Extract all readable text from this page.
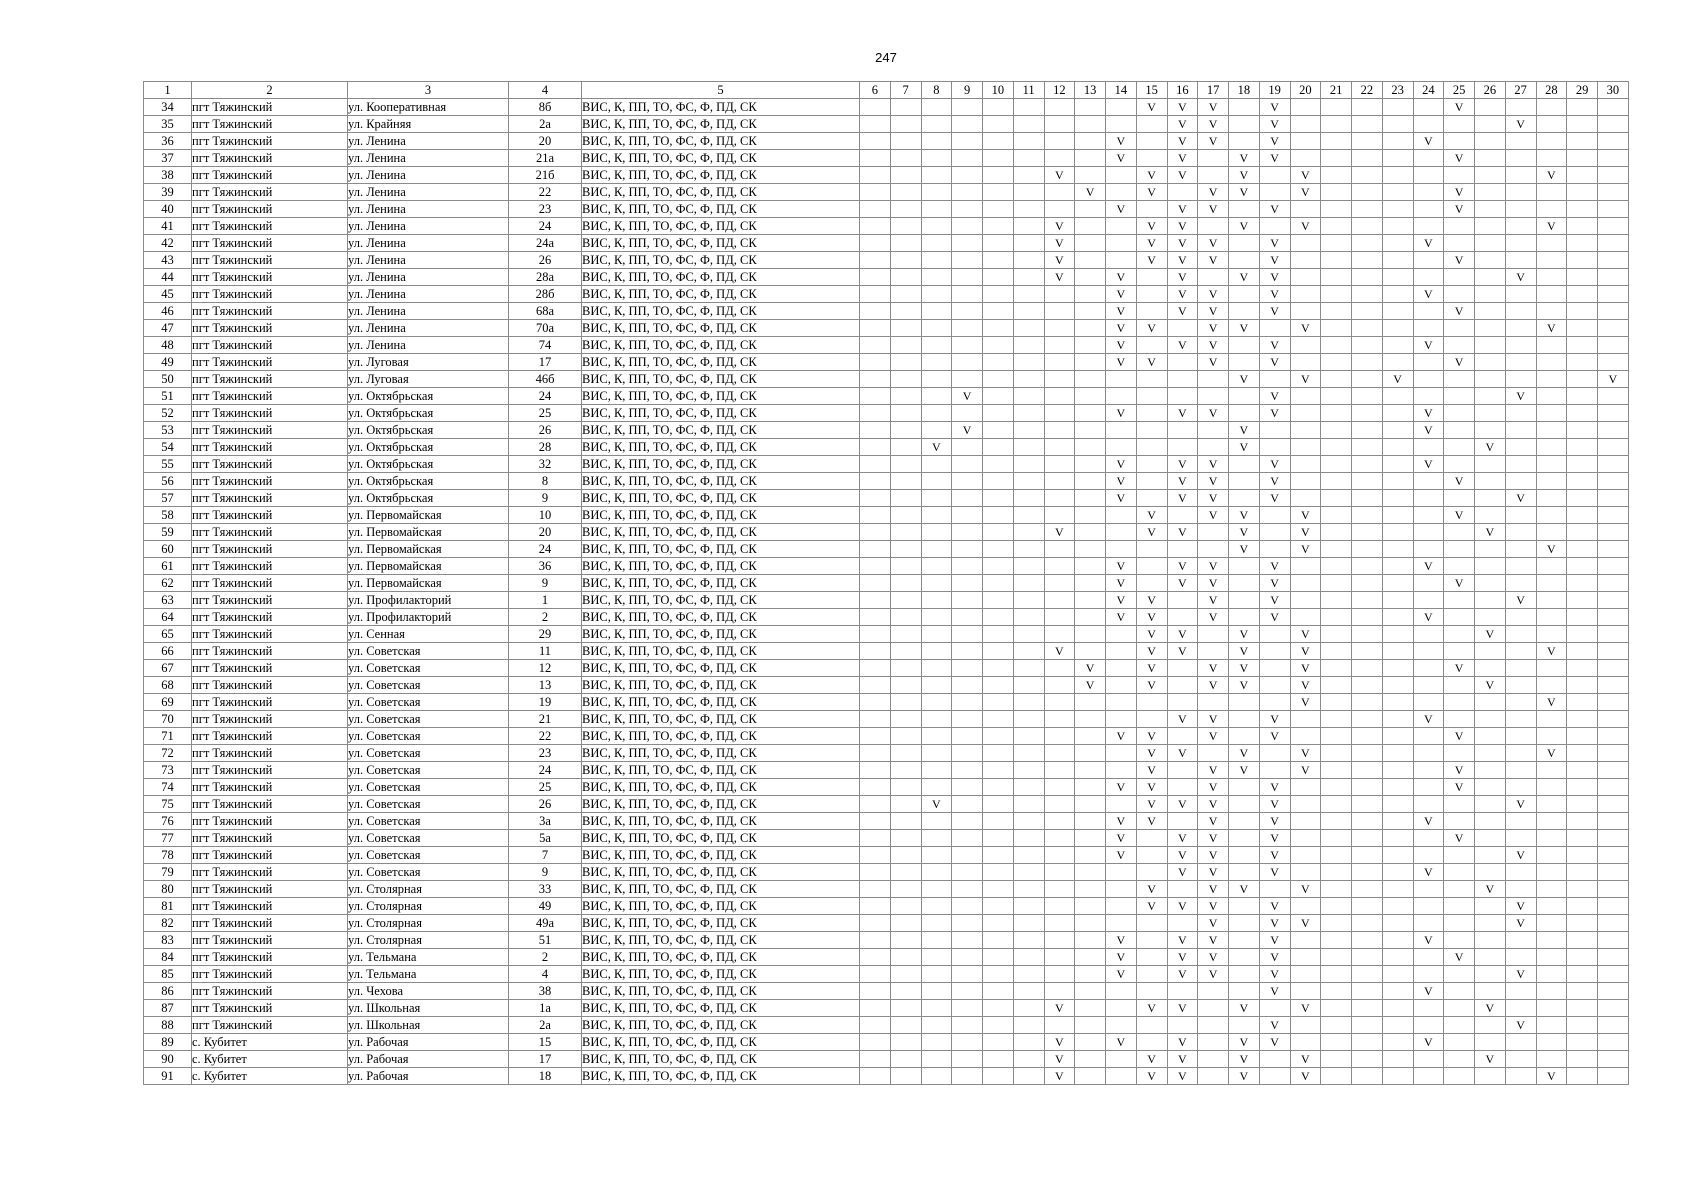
247
1	2	3	4	5	6	7	8	9	10	11	12	13	14	15	16	17	18	19	20	21	22	23	24	25	26	27	28	29	30
34	пгт Тяжинский	ул. Кооперативная	8б	ВИС, К, ПП, ТО, ФС, Ф, ПД, СК										V	V	V		V						V					
35	пгт Тяжинский	ул. Крайняя	2а	ВИС, К, ПП, ТО, ФС, Ф, ПД, СК											V	V		V								V			
36	пгт Тяжинский	ул. Ленина	20	ВИС, К, ПП, ТО, ФС, Ф, ПД, СК									V		V	V		V					V						
37	пгт Тяжинский	ул. Ленина	21а	ВИС, К, ПП, ТО, ФС, Ф, ПД, СК									V		V		V	V						V					
38	пгт Тяжинский	ул. Ленина	21б	ВИС, К, ПП, ТО, ФС, Ф, ПД, СК							V			V	V		V		V								V		
39	пгт Тяжинский	ул. Ленина	22	ВИС, К, ПП, ТО, ФС, Ф, ПД, СК								V		V		V	V		V					V					
40	пгт Тяжинский	ул. Ленина	23	ВИС, К, ПП, ТО, ФС, Ф, ПД, СК									V		V	V		V						V					
41	пгт Тяжинский	ул. Ленина	24	ВИС, К, ПП, ТО, ФС, Ф, ПД, СК							V			V	V		V		V								V		
42	пгт Тяжинский	ул. Ленина	24а	ВИС, К, ПП, ТО, ФС, Ф, ПД, СК							V			V	V	V		V					V						
43	пгт Тяжинский	ул. Ленина	26	ВИС, К, ПП, ТО, ФС, Ф, ПД, СК							V			V	V	V		V						V					
44	пгт Тяжинский	ул. Ленина	28а	ВИС, К, ПП, ТО, ФС, Ф, ПД, СК							V		V		V		V	V								V			
45	пгт Тяжинский	ул. Ленина	28б	ВИС, К, ПП, ТО, ФС, Ф, ПД, СК									V		V	V		V					V						
46	пгт Тяжинский	ул. Ленина	68а	ВИС, К, ПП, ТО, ФС, Ф, ПД, СК									V		V	V		V						V					
47	пгт Тяжинский	ул. Ленина	70а	ВИС, К, ПП, ТО, ФС, Ф, ПД, СК									V	V		V	V		V								V		
48	пгт Тяжинский	ул. Ленина	74	ВИС, К, ПП, ТО, ФС, Ф, ПД, СК									V		V	V		V					V						
49	пгт Тяжинский	ул. Луговая	17	ВИС, К, ПП, ТО, ФС, Ф, ПД, СК									V	V		V		V						V					
50	пгт Тяжинский	ул. Луговая	46б	ВИС, К, ПП, ТО, ФС, Ф, ПД, СК													V		V			V							V
51	пгт Тяжинский	ул. Октябрьская	24	ВИС, К, ПП, ТО, ФС, Ф, ПД, СК				V										V								V			
52	пгт Тяжинский	ул. Октябрьская	25	ВИС, К, ПП, ТО, ФС, Ф, ПД, СК									V		V	V		V					V						
53	пгт Тяжинский	ул. Октябрьская	26	ВИС, К, ПП, ТО, ФС, Ф, ПД, СК				V									V						V						
54	пгт Тяжинский	ул. Октябрьская	28	ВИС, К, ПП, ТО, ФС, Ф, ПД, СК			V										V								V				
55	пгт Тяжинский	ул. Октябрьская	32	ВИС, К, ПП, ТО, ФС, Ф, ПД, СК									V		V	V		V					V						
56	пгт Тяжинский	ул. Октябрьская	8	ВИС, К, ПП, ТО, ФС, Ф, ПД, СК									V		V	V		V						V					
57	пгт Тяжинский	ул. Октябрьская	9	ВИС, К, ПП, ТО, ФС, Ф, ПД, СК									V		V	V		V								V			
58	пгт Тяжинский	ул. Первомайская	10	ВИС, К, ПП, ТО, ФС, Ф, ПД, СК										V		V	V		V					V					
59	пгт Тяжинский	ул. Первомайская	20	ВИС, К, ПП, ТО, ФС, Ф, ПД, СК							V			V	V		V		V						V				
60	пгт Тяжинский	ул. Первомайская	24	ВИС, К, ПП, ТО, ФС, Ф, ПД, СК													V		V								V		
61	пгт Тяжинский	ул. Первомайская	36	ВИС, К, ПП, ТО, ФС, Ф, ПД, СК									V		V	V		V					V						
62	пгт Тяжинский	ул. Первомайская	9	ВИС, К, ПП, ТО, ФС, Ф, ПД, СК									V		V	V		V						V					
63	пгт Тяжинский	ул. Профилакторий	1	ВИС, К, ПП, ТО, ФС, Ф, ПД, СК									V	V		V		V								V			
64	пгт Тяжинский	ул. Профилакторий	2	ВИС, К, ПП, ТО, ФС, Ф, ПД, СК									V	V		V		V					V						
65	пгт Тяжинский	ул. Сенная	29	ВИС, К, ПП, ТО, ФС, Ф, ПД, СК										V	V		V		V						V				
66	пгт Тяжинский	ул. Советская	11	ВИС, К, ПП, ТО, ФС, Ф, ПД, СК							V			V	V		V		V								V		
67	пгт Тяжинский	ул. Советская	12	ВИС, К, ПП, ТО, ФС, Ф, ПД, СК								V		V		V	V		V					V					
68	пгт Тяжинский	ул. Советская	13	ВИС, К, ПП, ТО, ФС, Ф, ПД, СК								V		V		V	V		V						V				
69	пгт Тяжинский	ул. Советская	19	ВИС, К, ПП, ТО, ФС, Ф, ПД, СК															V								V		
70	пгт Тяжинский	ул. Советская	21	ВИС, К, ПП, ТО, ФС, Ф, ПД, СК											V	V		V					V						
71	пгт Тяжинский	ул. Советская	22	ВИС, К, ПП, ТО, ФС, Ф, ПД, СК									V	V		V		V						V					
72	пгт Тяжинский	ул. Советская	23	ВИС, К, ПП, ТО, ФС, Ф, ПД, СК										V	V		V		V								V		
73	пгт Тяжинский	ул. Советская	24	ВИС, К, ПП, ТО, ФС, Ф, ПД, СК										V		V	V		V					V					
74	пгт Тяжинский	ул. Советская	25	ВИС, К, ПП, ТО, ФС, Ф, ПД, СК									V	V		V		V						V					
75	пгт Тяжинский	ул. Советская	26	ВИС, К, ПП, ТО, ФС, Ф, ПД, СК			V							V	V	V		V								V			
76	пгт Тяжинский	ул. Советская	3а	ВИС, К, ПП, ТО, ФС, Ф, ПД, СК									V	V		V		V					V						
77	пгт Тяжинский	ул. Советская	5а	ВИС, К, ПП, ТО, ФС, Ф, ПД, СК									V		V	V		V						V					
78	пгт Тяжинский	ул. Советская	7	ВИС, К, ПП, ТО, ФС, Ф, ПД, СК									V		V	V		V								V			
79	пгт Тяжинский	ул. Советская	9	ВИС, К, ПП, ТО, ФС, Ф, ПД, СК											V	V		V					V						
80	пгт Тяжинский	ул. Столярная	33	ВИС, К, ПП, ТО, ФС, Ф, ПД, СК										V		V	V		V						V				
81	пгт Тяжинский	ул. Столярная	49	ВИС, К, ПП, ТО, ФС, Ф, ПД, СК										V	V	V		V								V			
82	пгт Тяжинский	ул. Столярная	49а	ВИС, К, ПП, ТО, ФС, Ф, ПД, СК												V		V	V							V			
83	пгт Тяжинский	ул. Столярная	51	ВИС, К, ПП, ТО, ФС, Ф, ПД, СК									V		V	V		V					V						
84	пгт Тяжинский	ул. Тельмана	2	ВИС, К, ПП, ТО, ФС, Ф, ПД, СК									V		V	V		V						V					
85	пгт Тяжинский	ул. Тельмана	4	ВИС, К, ПП, ТО, ФС, Ф, ПД, СК									V		V	V		V								V			
86	пгт Тяжинский	ул. Чехова	38	ВИС, К, ПП, ТО, ФС, Ф, ПД, СК														V					V						
87	пгт Тяжинский	ул. Школьная	1а	ВИС, К, ПП, ТО, ФС, Ф, ПД, СК							V			V	V		V		V						V				
88	пгт Тяжинский	ул. Школьная	2а	ВИС, К, ПП, ТО, ФС, Ф, ПД, СК														V								V			
89	с. Кубитет	ул. Рабочая	15	ВИС, К, ПП, ТО, ФС, Ф, ПД, СК							V		V		V		V	V					V						
90	с. Кубитет	ул. Рабочая	17	ВИС, К, ПП, ТО, ФС, Ф, ПД, СК							V			V	V		V		V						V				
91	с. Кубитет	ул. Рабочая	18	ВИС, К, ПП, ТО, ФС, Ф, ПД, СК							V			V	V		V		V								V		
